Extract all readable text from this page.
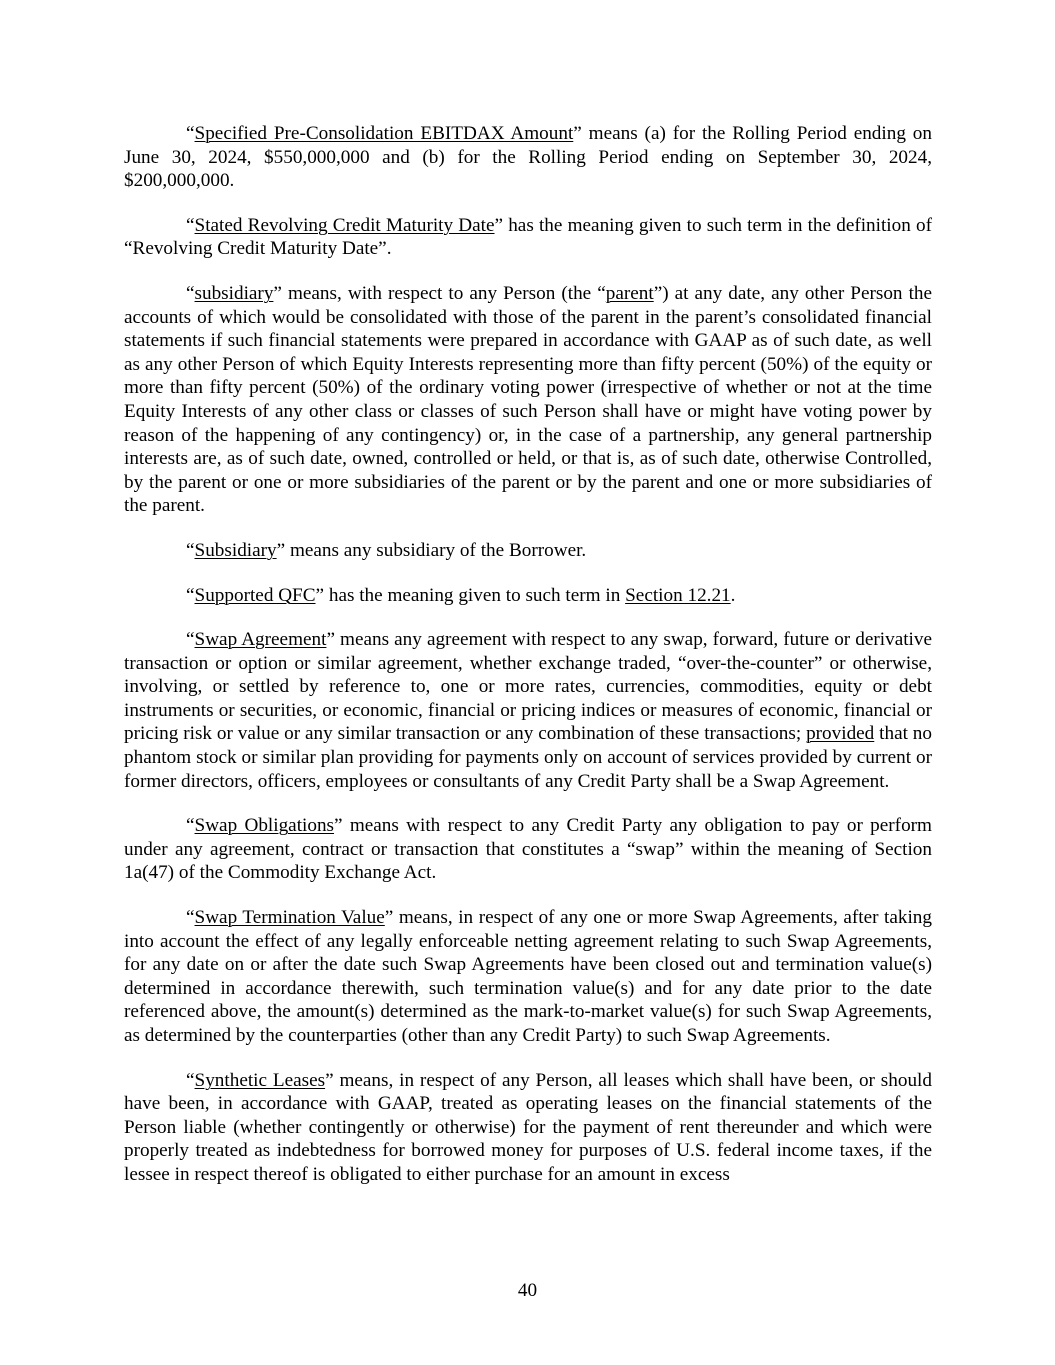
“Specified Pre-Consolidation EBITDAX Amount” means (a) for the Rolling Period ending on June 30, 2024, $550,000,000 and (b) for the Rolling Period ending on September 30, 2024, $200,000,000.

“Stated Revolving Credit Maturity Date” has the meaning given to such term in the definition of “Revolving Credit Maturity Date”.

“subsidiary” means, with respect to any Person (the “parent”) at any date, any other Person the accounts of which would be consolidated with those of the parent in the parent’s consolidated financial statements if such financial statements were prepared in accordance with GAAP as of such date, as well as any other Person of which Equity Interests representing more than fifty percent (50%) of the equity or more than fifty percent (50%) of the ordinary voting power (irrespective of whether or not at the time Equity Interests of any other class or classes of such Person shall have or might have voting power by reason of the happening of any contingency) or, in the case of a partnership, any general partnership interests are, as of such date, owned, controlled or held, or that is, as of such date, otherwise Controlled, by the parent or one or more subsidiaries of the parent or by the parent and one or more subsidiaries of the parent.

“Subsidiary” means any subsidiary of the Borrower.

“Supported QFC” has the meaning given to such term in Section 12.21.

“Swap Agreement” means any agreement with respect to any swap, forward, future or derivative transaction or option or similar agreement, whether exchange traded, “over-the-counter” or otherwise, involving, or settled by reference to, one or more rates, currencies, commodities, equity or debt instruments or securities, or economic, financial or pricing indices or measures of economic, financial or pricing risk or value or any similar transaction or any combination of these transactions; provided that no phantom stock or similar plan providing for payments only on account of services provided by current or former directors, officers, employees or consultants of any Credit Party shall be a Swap Agreement.

“Swap Obligations” means with respect to any Credit Party any obligation to pay or perform under any agreement, contract or transaction that constitutes a “swap” within the meaning of Section 1a(47) of the Commodity Exchange Act.

“Swap Termination Value” means, in respect of any one or more Swap Agreements, after taking into account the effect of any legally enforceable netting agreement relating to such Swap Agreements, for any date on or after the date such Swap Agreements have been closed out and termination value(s) determined in accordance therewith, such termination value(s) and for any date prior to the date referenced above, the amount(s) determined as the mark-to-market value(s) for such Swap Agreements, as determined by the counterparties (other than any Credit Party) to such Swap Agreements.

“Synthetic Leases” means, in respect of any Person, all leases which shall have been, or should have been, in accordance with GAAP, treated as operating leases on the financial statements of the Person liable (whether contingently or otherwise) for the payment of rent thereunder and which were properly treated as indebtedness for borrowed money for purposes of U.S. federal income taxes, if the lessee in respect thereof is obligated to either purchase for an amount in excess

40
